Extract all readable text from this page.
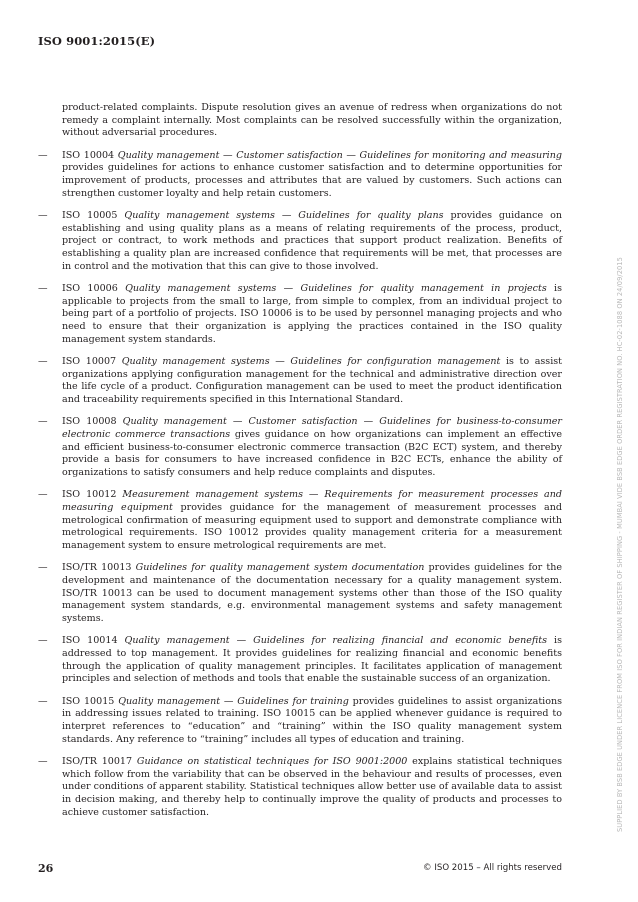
ISO 9001:2015(E)

product-related complaints. Dispute resolution gives an avenue of redress when organizations do not remedy a complaint internally. Most complaints can be resolved successfully within the organization, without adversarial procedures.

—	ISO 10004 Quality management — Customer satisfaction — Guidelines for monitoring and measuring provides guidelines for actions to enhance customer satisfaction and to determine opportunities for improvement of products, processes and attributes that are valued by customers. Such actions can strengthen customer loyalty and help retain customers.
—	ISO 10005 Quality management systems — Guidelines for quality plans provides guidance on establishing and using quality plans as a means of relating requirements of the process, product, project or contract, to work methods and practices that support product realization. Benefits of establishing a quality plan are increased confidence that requirements will be met, that processes are in control and the motivation that this can give to those involved.
—	ISO 10006 Quality management systems — Guidelines for quality management in projects is applicable to projects from the small to large, from simple to complex, from an individual project to being part of a portfolio of projects. ISO 10006 is to be used by personnel managing projects and who need to ensure that their organization is applying the practices contained in the ISO quality management system standards.
—	ISO 10007 Quality management systems — Guidelines for configuration management is to assist organizations applying configuration management for the technical and administrative direction over the life cycle of a product. Configuration management can be used to meet the product identification and traceability requirements specified in this International Standard.
—	ISO 10008 Quality management — Customer satisfaction — Guidelines for business-to-consumer electronic commerce transactions gives guidance on how organizations can implement an effective and efficient business-to-consumer electronic commerce transaction (B2C ECT) system, and thereby provide a basis for consumers to have increased confidence in B2C ECTs, enhance the ability of organizations to satisfy consumers and help reduce complaints and disputes.
—	ISO 10012 Measurement management systems — Requirements for measurement processes and measuring equipment provides guidance for the management of measurement processes and metrological confirmation of measuring equipment used to support and demonstrate compliance with metrological requirements. ISO 10012 provides quality management criteria for a measurement management system to ensure metrological requirements are met.
—	ISO/TR 10013 Guidelines for quality management system documentation provides guidelines for the development and maintenance of the documentation necessary for a quality management system. ISO/TR 10013 can be used to document management systems other than those of the ISO quality management system standards, e.g. environmental management systems and safety management systems.
—	ISO 10014 Quality management — Guidelines for realizing financial and economic benefits is addressed to top management. It provides guidelines for realizing financial and economic benefits through the application of quality management principles. It facilitates application of management principles and selection of methods and tools that enable the sustainable success of an organization.
—	ISO 10015 Quality management — Guidelines for training provides guidelines to assist organizations in addressing issues related to training. ISO 10015 can be applied whenever guidance is required to interpret references to “education” and “training” within the ISO quality management system standards. Any reference to “training” includes all types of education and training.
—	ISO/TR 10017 Guidance on statistical techniques for ISO 9001:2000 explains statistical techniques which follow from the variability that can be observed in the behaviour and results of processes, even under conditions of apparent stability. Statistical techniques allow better use of available data to assist in decision making, and thereby help to continually improve the quality of products and processes to achieve customer satisfaction.
26	© ISO 2015 – All rights reserved
SUPPLIED BY BSB EDGE UNDER LICENCE FROM ISO FOR INDIAN REGISTER OF SHIPPING - MUMBAI VIDE BSB EDGE ORDER REGISTRATION NO. HC-02-1088 ON 24/09/2015
